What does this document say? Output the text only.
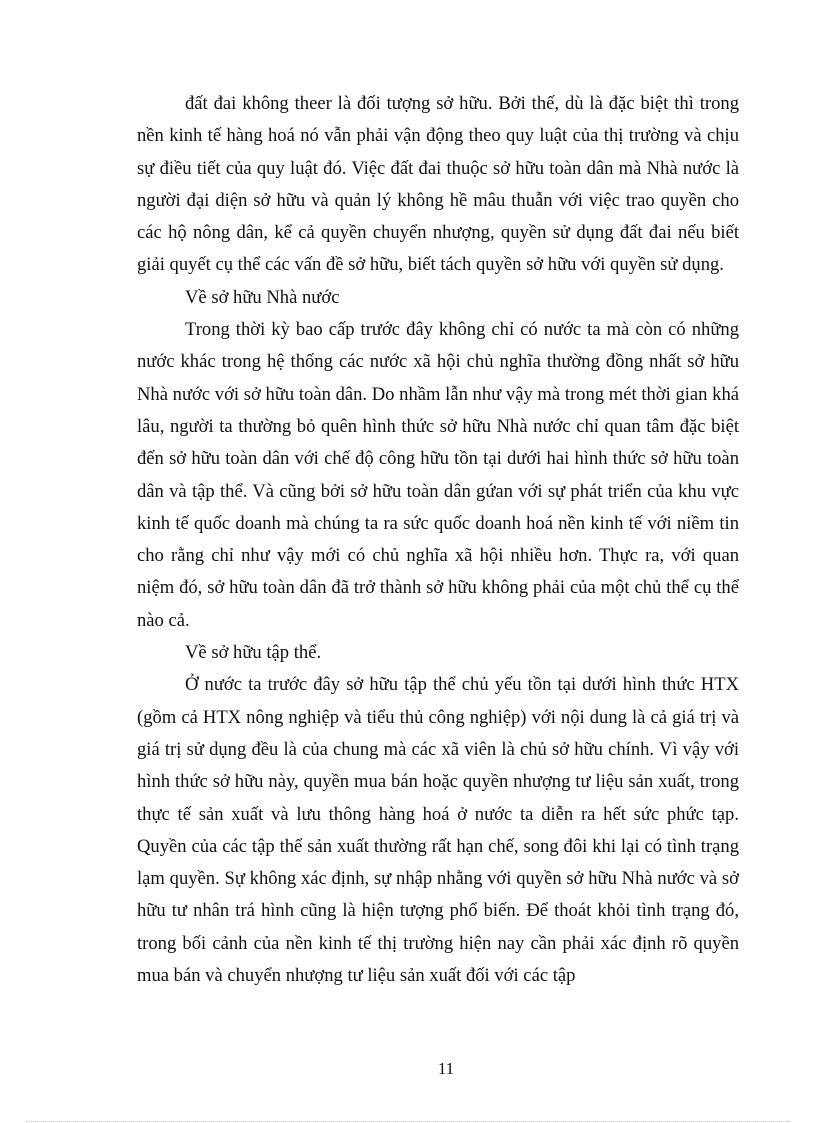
đất đai không theer là đối tượng sở hữu. Bởi thế, dù là đặc biệt thì trong nền kinh tế hàng hoá nó vẫn phải vận động theo quy luật của thị trường và chịu sự điều tiết của quy luật đó. Việc đất đai thuộc sở hữu toàn dân mà Nhà nước là người đại diện sở hữu và quản lý không hề mâu thuẫn với việc trao quyền cho các hộ nông dân, kể cả quyền chuyển nhượng, quyền sử dụng đất đai nếu biết giải quyết cụ thể các vấn đề sở hữu, biết tách quyền sở hữu với quyền sử dụng.

Về sở hữu Nhà nước

Trong thời kỳ bao cấp trước đây không chỉ có nước ta mà còn có những nước khác trong hệ thống các nước xã hội chủ nghĩa thường đồng nhất sở hữu Nhà nước với sở hữu toàn dân. Do nhầm lẫn như vậy mà trong mét thời gian khá lâu, người ta thường bỏ quên hình thức sở hữu Nhà nước chỉ quan tâm đặc biệt đến sở hữu toàn dân với chế độ công hữu tồn tại dưới hai hình thức sở hữu toàn dân và tập thể. Và cũng bởi sở hữu toàn dân gứan với sự phát triển của khu vực kinh tế quốc doanh mà chúng ta ra sức quốc doanh hoá nền kinh tế với niềm tin cho rằng chỉ như vậy mới có chủ nghĩa xã hội nhiều hơn. Thực ra, với quan niệm đó, sở hữu toàn dân đã trở thành sở hữu không phải của một chủ thể cụ thể nào cả.

Về sở hữu tập thể.

Ở nước ta trước đây sở hữu tập thể chủ yếu tồn tại dưới hình thức HTX (gồm cả HTX nông nghiệp và tiểu thủ công nghiệp) với nội dung là cả giá trị và giá trị sử dụng đều là của chung mà các xã viên là chủ sở hữu chính. Vì vậy với hình thức sở hữu này, quyền mua bán hoặc quyền nhượng tư liệu sản xuất, trong thực tế sản xuất và lưu thông hàng hoá ở nước ta diễn ra hết sức phức tạp. Quyền của các tập thể sản xuất thường rất hạn chế, song đôi khi lại có tình trạng lạm quyền. Sự không xác định, sự nhập nhằng với quyền sở hữu Nhà nước và sở hữu tư nhân trá hình cũng là hiện tượng phổ biến. Để thoát khỏi tình trạng đó, trong bối cảnh của nền kinh tế thị trường hiện nay cần phải xác định rõ quyền mua bán và chuyển nhượng tư liệu sản xuất đối với các tập

11
